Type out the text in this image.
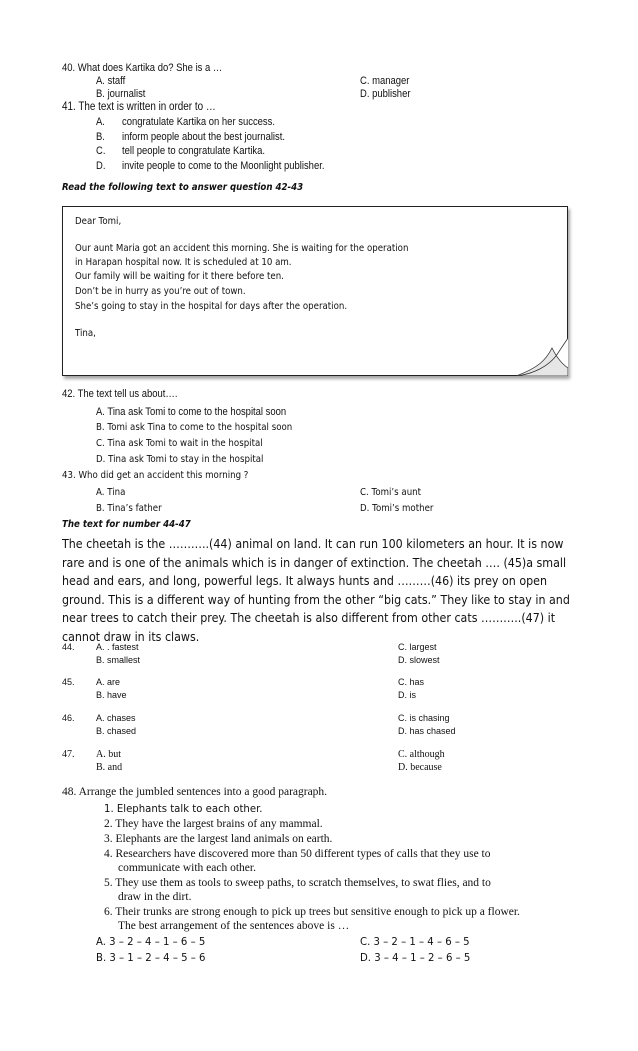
40. What does Kartika do? She is a …
A. staff	C. manager
B. journalist	D. publisher
41. The text is written in order to …
A. congratulate Kartika on her success.
B. inform people about the best journalist.
C. tell people to congratulate Kartika.
D. invite people to come to the Moonlight publisher.
Read the following text to answer question 42-43
Dear Tomi,
Our aunt Maria got an accident this morning. She is waiting for the operation
in Harapan hospital now. It is scheduled at 10 am.
Our family will be waiting for it there before ten.
Don’t be in hurry as you’re out of town.
She’s going to stay in the hospital for days after the operation.
Tina,
42. The text tell us about….
A. Tina ask Tomi to come to the hospital soon
B. Tomi ask Tina to come to the hospital soon
C. Tina ask Tomi to wait in the hospital
D. Tina ask Tomi to stay in the hospital
43. Who did get an accident this morning ?
A. Tina	C. Tomi’s aunt
B. Tina’s father	D. Tomi’s mother
The text for number 44-47
The cheetah is the ………..(44) animal on land. It can run 100 kilometers an hour. It is now rare and is one of the animals which is in danger of extinction. The cheetah …. (45)a small head and ears, and long, powerful legs. It always hunts and ………(46) its prey on open ground. This is a different way of hunting from the other “big cats.” They like to stay in and near trees to catch their prey. The cheetah is also different from other cats ………..(47) it cannot draw in its claws.
44. A. . fastest	C. largest
B. smallest	D. slowest
45. A. are	C. has
B. have	D. is
46. A. chases	C. is chasing
B. chased	D. has chased
47. A. but	C. although
B. and	D. because
48. Arrange the jumbled sentences into a good paragraph.
1. Elephants talk to each other.
2. They have the largest brains of any mammal.
3. Elephants are the largest land animals on earth.
4. Researchers have discovered more than 50 different types of calls that they use to
communicate with each other.
5. They use them as tools to sweep paths, to scratch themselves, to swat flies, and to
draw in the dirt.
6. Their trunks are strong enough to pick up trees but sensitive enough to pick up a flower.
The best arrangement of the sentences above is …
A. 3 – 2 – 4 – 1 – 6 – 5	C. 3 – 2 – 1 – 4 – 6 – 5
B. 3 – 1 – 2 – 4 – 5 – 6	D. 3 – 4 – 1 – 2 – 6 – 5
